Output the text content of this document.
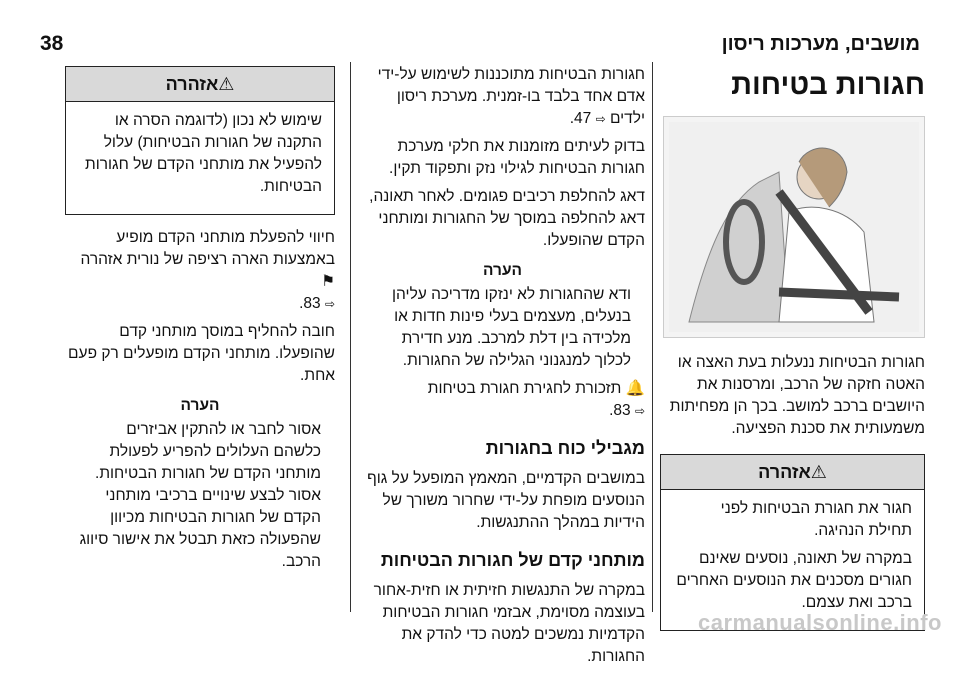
38	מושבים, מערכות ריסון
חגורות בטיחות

חגורות הבטיחות ננעלות בעת האצה או האטה חזקה של הרכב, ומרסנות את היושבים ברכב למושב. בכך הן מפחיתות משמעותית את סכנת הפציעה.

⚠אזהרה

חגור את חגורת הבטיחות לפני תחילת הנהיגה.

במקרה של תאונה, נוסעים שאינם חגורים מסכנים את הנוסעים האחרים ברכב ואת עצמם.

חגורות הבטיחות מתוכננות לשימוש על-ידי אדם אחד בלבד בו-זמנית. מערכת ריסון ילדים ⇨ 47.

בדוק לעיתים מזומנות את חלקי מערכת חגורות הבטיחות לגילוי נזק ותפקוד תקין.

דאג להחלפת רכיבים פגומים. לאחר תאונה, דאג להחלפה במוסך של החגורות ומותחני הקדם שהופעלו.

הערה

ודא שהחגורות לא ינזקו מדריכה עליהן בנעלים, מעצמים בעלי פינות חדות או מלכידה בין דלת למרכב. מנע חדירת לכלוך למנגנוני הגלילה של החגורות.

🔔 תזכורת לחגירת חגורת בטיחות
⇨ 83.

מגבילי כוח בחגורות

במושבים הקדמיים, המאמץ המופעל על גוף הנוסעים מופחת על-ידי שחרור משורך של הידיות במהלך ההתנגשות.

מותחני קדם של חגורות הבטיחות

במקרה של התנגשות חזיתית או חזית-אחור בעוצמה מסוימת, אבזמי חגורות הבטיחות הקדמיות נמשכים למטה כדי להדק את החגורות.

⚠אזהרה

שימוש לא נכון (לדוגמה הסרה או התקנה של חגורות הבטיחות) עלול להפעיל את מותחני הקדם של חגורות הבטיחות.

חיווי להפעלת מותחני הקדם מופיע באמצעות הארה רציפה של נורית אזהרה ⚑
⇨ 83.

חובה להחליף במוסך מותחני קדם שהופעלו. מותחני הקדם מופעלים רק פעם אחת.

הערה

אסור לחבר או להתקין אביזרים כלשהם העלולים להפריע לפעולת מותחני הקדם של חגורות הבטיחות. אסור לבצע שינויים ברכיבי מותחני הקדם של חגורות הבטיחות מכיוון שהפעולה כזאת תבטל את אישור סיווג הרכב.

carmanualsonline.info
